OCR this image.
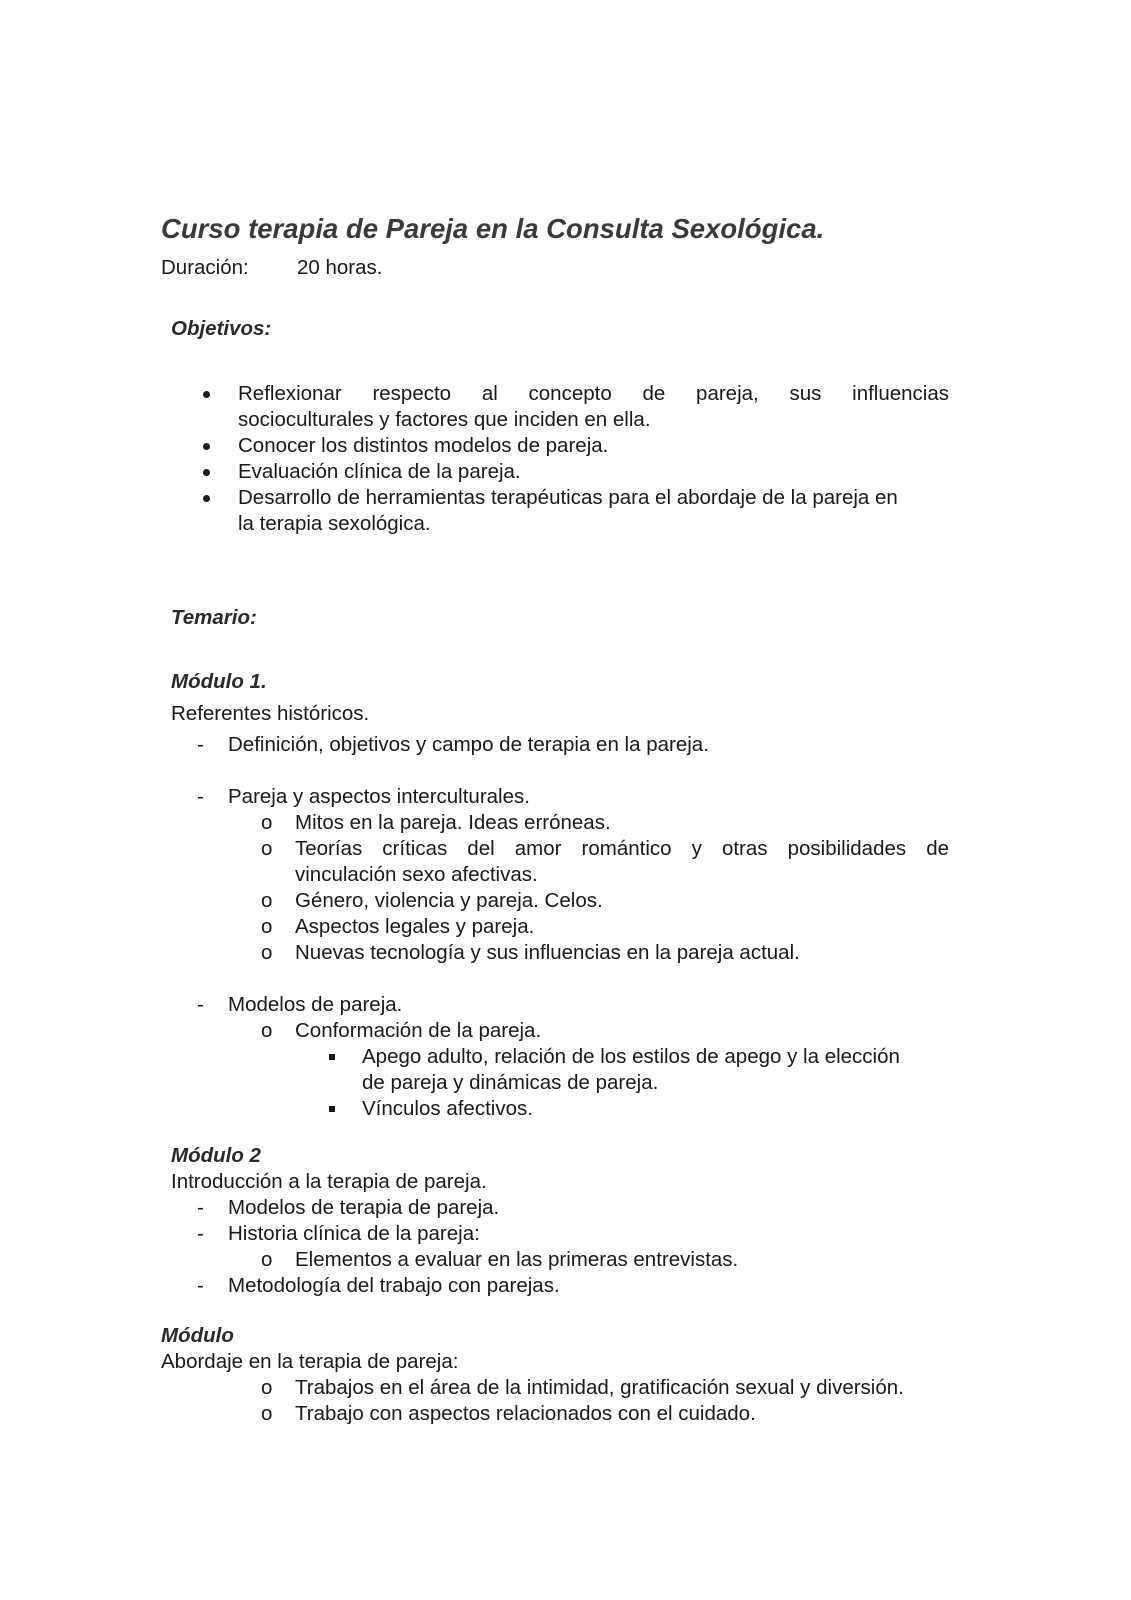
Curso terapia de Pareja en la Consulta Sexológica.
Duración: 20 horas.
Objetivos:
Reflexionar respecto al concepto de pareja, sus influencias
socioculturales y factores que inciden en ella.
Conocer los distintos modelos de pareja.
Evaluación clínica de la pareja.
Desarrollo de herramientas terapéuticas para el abordaje de la pareja en
la terapia sexológica.
Temario:
Módulo 1.
Referentes históricos.
- Definición, objetivos y campo de terapia en la pareja.
- Pareja y aspectos interculturales.
o Mitos en la pareja. Ideas erróneas.
o Teorías críticas del amor romántico y otras posibilidades de
vinculación sexo afectivas.
o Género, violencia y pareja. Celos.
o Aspectos legales y pareja.
o Nuevas tecnología y sus influencias en la pareja actual.
- Modelos de pareja.
o Conformación de la pareja.
Apego adulto, relación de los estilos de apego y la elección
de pareja y dinámicas de pareja.
Vínculos afectivos.
Módulo 2
Introducción a la terapia de pareja.
- Modelos de terapia de pareja.
- Historia clínica de la pareja:
o Elementos a evaluar en las primeras entrevistas.
- Metodología del trabajo con parejas.
Módulo
Abordaje en la terapia de pareja:
o Trabajos en el área de la intimidad, gratificación sexual y diversión.
o Trabajo con aspectos relacionados con el cuidado.
